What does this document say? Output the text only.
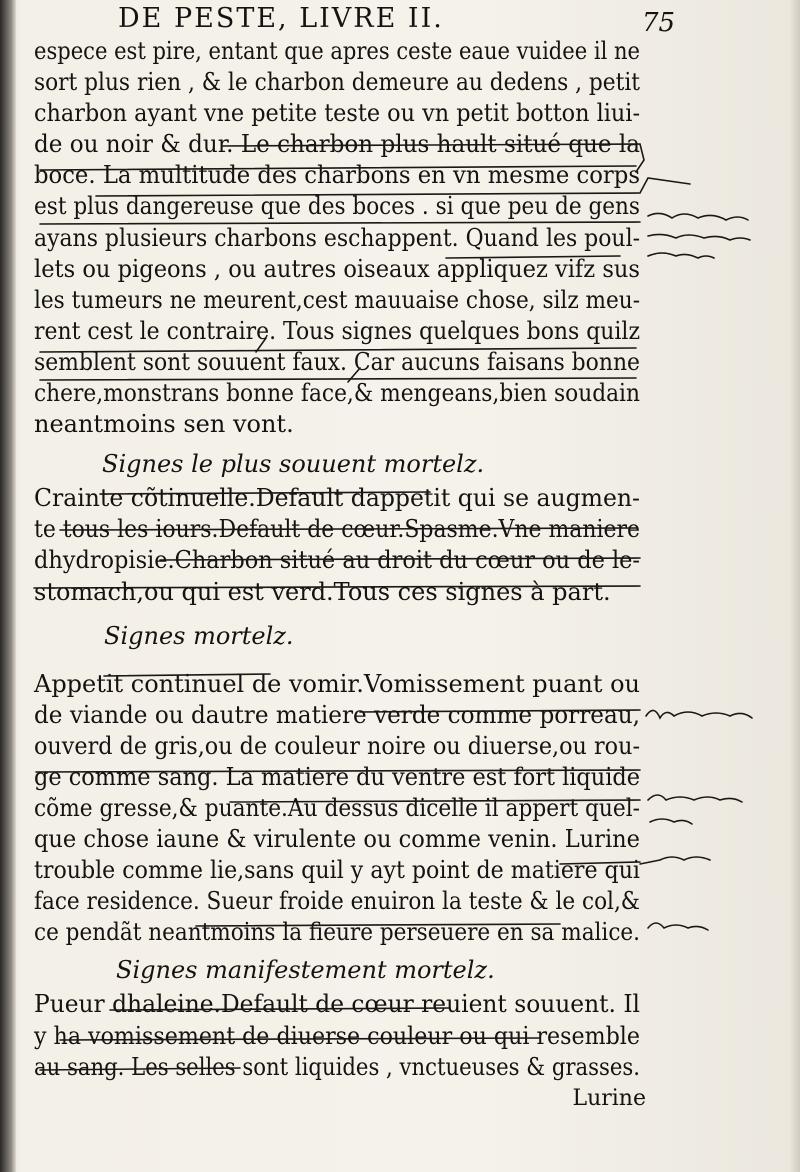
DE PESTE, LIVRE II.	75
espece est pire, entant que apres ceste eaue vuidee il ne
sort plus rien , & le charbon demeure au dedens , petit
charbon ayant vne petite teste ou vn petit botton liui-
de ou noir & dur. Le charbon plus hault situé que la
boce. La multitude des charbons en vn mesme corps
est plus dangereuse que des boces . si que peu de gens
ayans plusieurs charbons eschappent. Quand les poul-
lets ou pigeons , ou autres oiseaux appliquez vifz sus
les tumeurs ne meurent,cest mauuaise chose, silz meu-
rent cest le contraire. Tous signes quelques bons quilz
semblent sont souuent faux. Car aucuns faisans bonne
chere,monstrans bonne face,& mengeans,bien soudain
neantmoins sen vont.
Signes le plus souuent mortelz.
Crainte cõtinuelle.Default dappetit qui se augmen-
te tous les iours.Default de cœur.Spasme.Vne maniere
dhydropisie.Charbon situé au droit du cœur ou de le-
stomach,ou qui est verd.Tous ces signes à part.
Signes mortelz.
Appetit continuel de vomir.Vomissement puant ou
de viande ou dautre matiere verde comme porreau,
ouverd de gris,ou de couleur noire ou diuerse,ou rou-
ge comme sang. La matiere du ventre est fort liquide
cõme gresse,& puante.Au dessus dicelle il appert quel-
que chose iaune & virulente ou comme venin. Lurine
trouble comme lie,sans quil y ayt point de matiere qui
face residence. Sueur froide enuiron la teste & le col,&
ce pendãt neantmoins la fieure perseuere en sa malice.
Signes manifestement mortelz.
Pueur dhaleine.Default de cœur reuient souuent. Il
y ha vomissement de diuerse couleur ou qui resemble
au sang. Les selles sont liquides , vnctueuses & grasses.
Lurine
